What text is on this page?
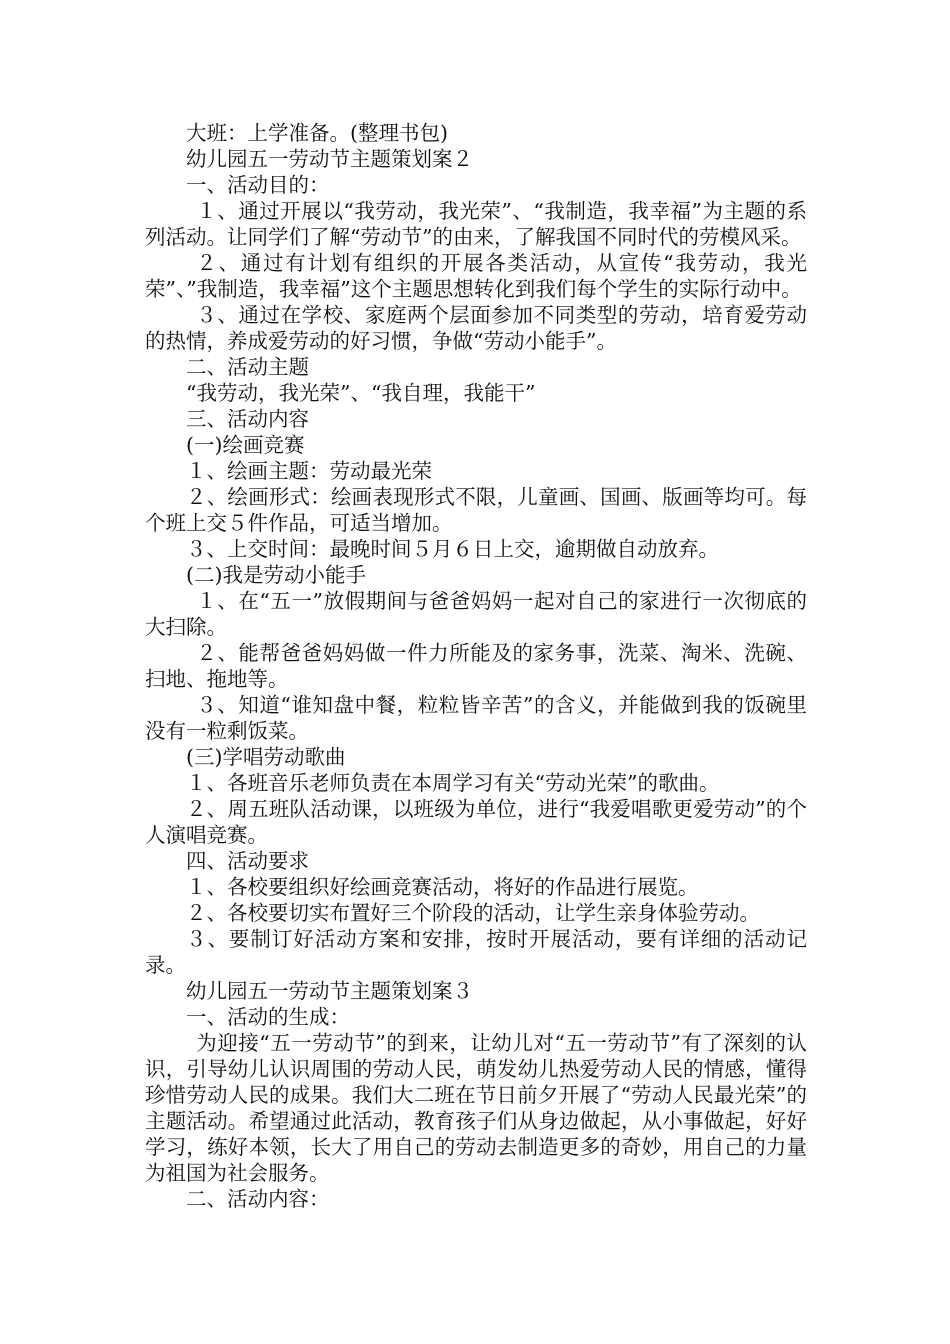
大班：上学准备。(整理书包)

幼儿园五一劳动节主题策划案２

一、活动目的：

１、通过开展以“我劳动，我光荣”、“我制造，我幸福”为主题的系列活动。让同学们了解“劳动节”的由来，了解我国不同时代的劳模风采。

２、通过有计划有组织的开展各类活动，从宣传“我劳动，我光荣”、”我制造，我幸福”这个主题思想转化到我们每个学生的实际行动中。

３、通过在学校、家庭两个层面参加不同类型的劳动，培育爱劳动的热情，养成爱劳动的好习惯，争做“劳动小能手”。

二、活动主题

“我劳动，我光荣”、“我自理，我能干”

三、活动内容

(一)绘画竞赛

１、绘画主题：劳动最光荣

２、绘画形式：绘画表现形式不限，儿童画、国画、版画等均可。每个班上交５件作品，可适当增加。

３、上交时间：最晚时间５月６日上交，逾期做自动放弃。

(二)我是劳动小能手

１、在“五一”放假期间与爸爸妈妈一起对自己的家进行一次彻底的大扫除。

２、能帮爸爸妈妈做一件力所能及的家务事，洗菜、淘米、洗碗、扫地、拖地等。

３、知道“谁知盘中餐，粒粒皆辛苦”的含义，并能做到我的饭碗里没有一粒剩饭菜。

(三)学唱劳动歌曲

１、各班音乐老师负责在本周学习有关“劳动光荣”的歌曲。

２、周五班队活动课，以班级为单位，进行“我爱唱歌更爱劳动”的个人演唱竞赛。

四、活动要求

１、各校要组织好绘画竞赛活动，将好的作品进行展览。

２、各校要切实布置好三个阶段的活动，让学生亲身体验劳动。

３、要制订好活动方案和安排，按时开展活动，要有详细的活动记录。

幼儿园五一劳动节主题策划案３

一、活动的生成：

为迎接“五一劳动节”的到来，让幼儿对“五一劳动节”有了深刻的认识，引导幼儿认识周围的劳动人民，萌发幼儿热爱劳动人民的情感，懂得珍惜劳动人民的成果。我们大二班在节日前夕开展了“劳动人民最光荣”的主题活动。希望通过此活动，教育孩子们从身边做起，从小事做起，好好学习，练好本领，长大了用自己的劳动去制造更多的奇妙，用自己的力量为祖国为社会服务。

二、活动内容：
